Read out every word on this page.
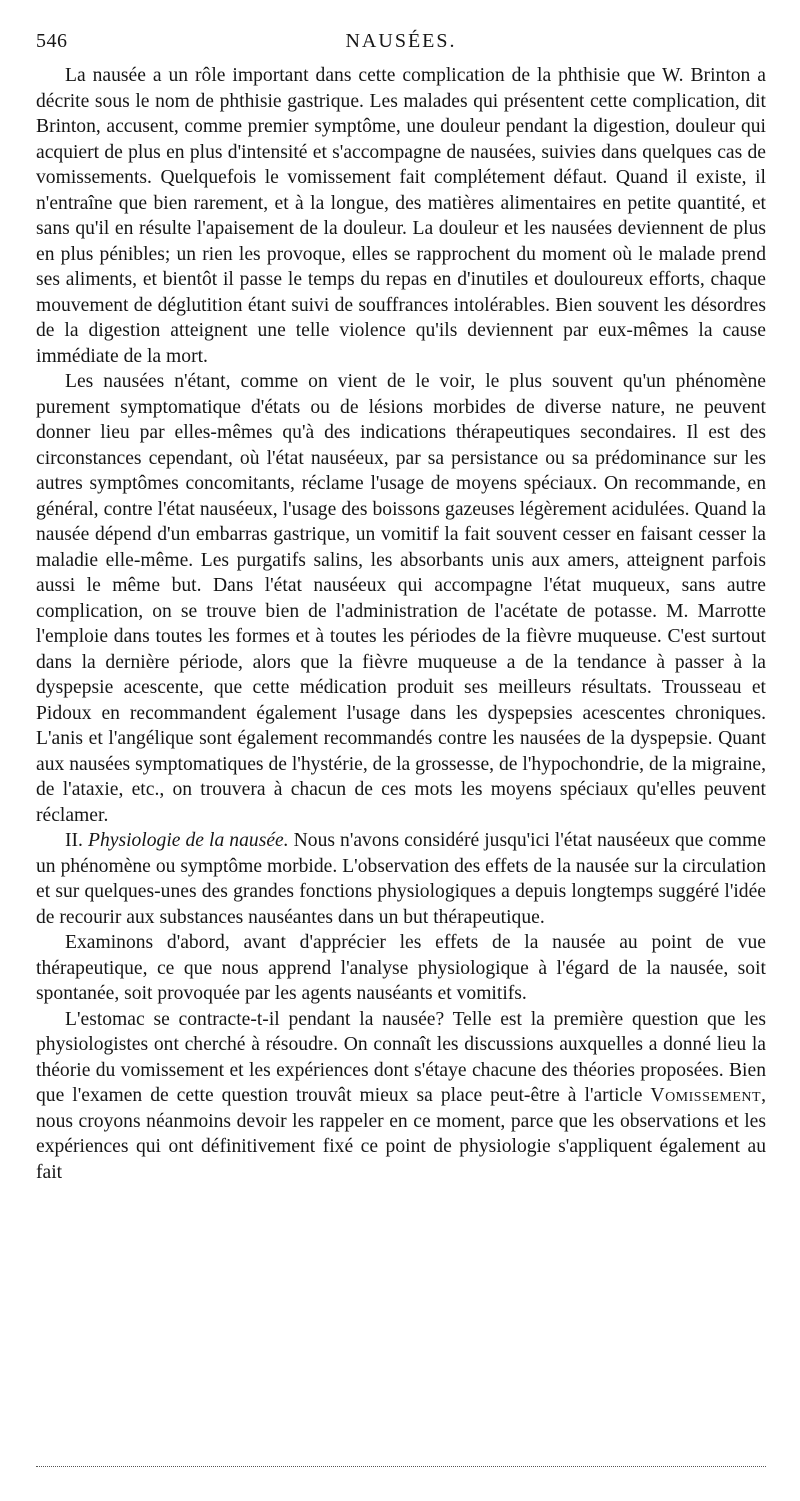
546	NAUSÉES.

La nausée a un rôle important dans cette complication de la phthisie que W. Brinton a décrite sous le nom de phthisie gastrique. Les malades qui présentent cette complication, dit Brinton, accusent, comme premier symptôme, une douleur pendant la digestion, douleur qui acquiert de plus en plus d'intensité et s'accompagne de nausées, suivies dans quelques cas de vomissements. Quelquefois le vomissement fait complétement défaut. Quand il existe, il n'entraîne que bien rarement, et à la longue, des matières alimentaires en petite quantité, et sans qu'il en résulte l'apaisement de la douleur. La douleur et les nausées deviennent de plus en plus pénibles; un rien les provoque, elles se rapprochent du moment où le malade prend ses aliments, et bientôt il passe le temps du repas en d'inutiles et douloureux efforts, chaque mouvement de déglutition étant suivi de souffrances intolérables. Bien souvent les désordres de la digestion atteignent une telle violence qu'ils deviennent par eux-mêmes la cause immédiate de la mort.

Les nausées n'étant, comme on vient de le voir, le plus souvent qu'un phénomène purement symptomatique d'états ou de lésions morbides de diverse nature, ne peuvent donner lieu par elles-mêmes qu'à des indications thérapeutiques secondaires. Il est des circonstances cependant, où l'état nauséeux, par sa persistance ou sa prédominance sur les autres symptômes concomitants, réclame l'usage de moyens spéciaux. On recommande, en général, contre l'état nauséeux, l'usage des boissons gazeuses légèrement acidulées. Quand la nausée dépend d'un embarras gastrique, un vomitif la fait souvent cesser en faisant cesser la maladie elle-même. Les purgatifs salins, les absorbants unis aux amers, atteignent parfois aussi le même but. Dans l'état nauséeux qui accompagne l'état muqueux, sans autre complication, on se trouve bien de l'administration de l'acétate de potasse. M. Marrotte l'emploie dans toutes les formes et à toutes les périodes de la fièvre muqueuse. C'est surtout dans la dernière période, alors que la fièvre muqueuse a de la tendance à passer à la dyspepsie acescente, que cette médication produit ses meilleurs résultats. Trousseau et Pidoux en recommandent également l'usage dans les dyspepsies acescentes chroniques. L'anis et l'angélique sont également recommandés contre les nausées de la dyspepsie. Quant aux nausées symptomatiques de l'hystérie, de la grossesse, de l'hypochondrie, de la migraine, de l'ataxie, etc., on trouvera à chacun de ces mots les moyens spéciaux qu'elles peuvent réclamer.

II. Physiologie de la nausée. Nous n'avons considéré jusqu'ici l'état nauséeux que comme un phénomène ou symptôme morbide. L'observation des effets de la nausée sur la circulation et sur quelques-unes des grandes fonctions physiologiques a depuis longtemps suggéré l'idée de recourir aux substances nauséantes dans un but thérapeutique.

Examinons d'abord, avant d'apprécier les effets de la nausée au point de vue thérapeutique, ce que nous apprend l'analyse physiologique à l'égard de la nausée, soit spontanée, soit provoquée par les agents nauséants et vomitifs.

L'estomac se contracte-t-il pendant la nausée? Telle est la première question que les physiologistes ont cherché à résoudre. On connaît les discussions auxquelles a donné lieu la théorie du vomissement et les expériences dont s'étaye chacune des théories proposées. Bien que l'examen de cette question trouvât mieux sa place peut-être à l'article Vomissement, nous croyons néanmoins devoir les rappeler en ce moment, parce que les observations et les expériences qui ont définitivement fixé ce point de physiologie s'appliquent également au fait
